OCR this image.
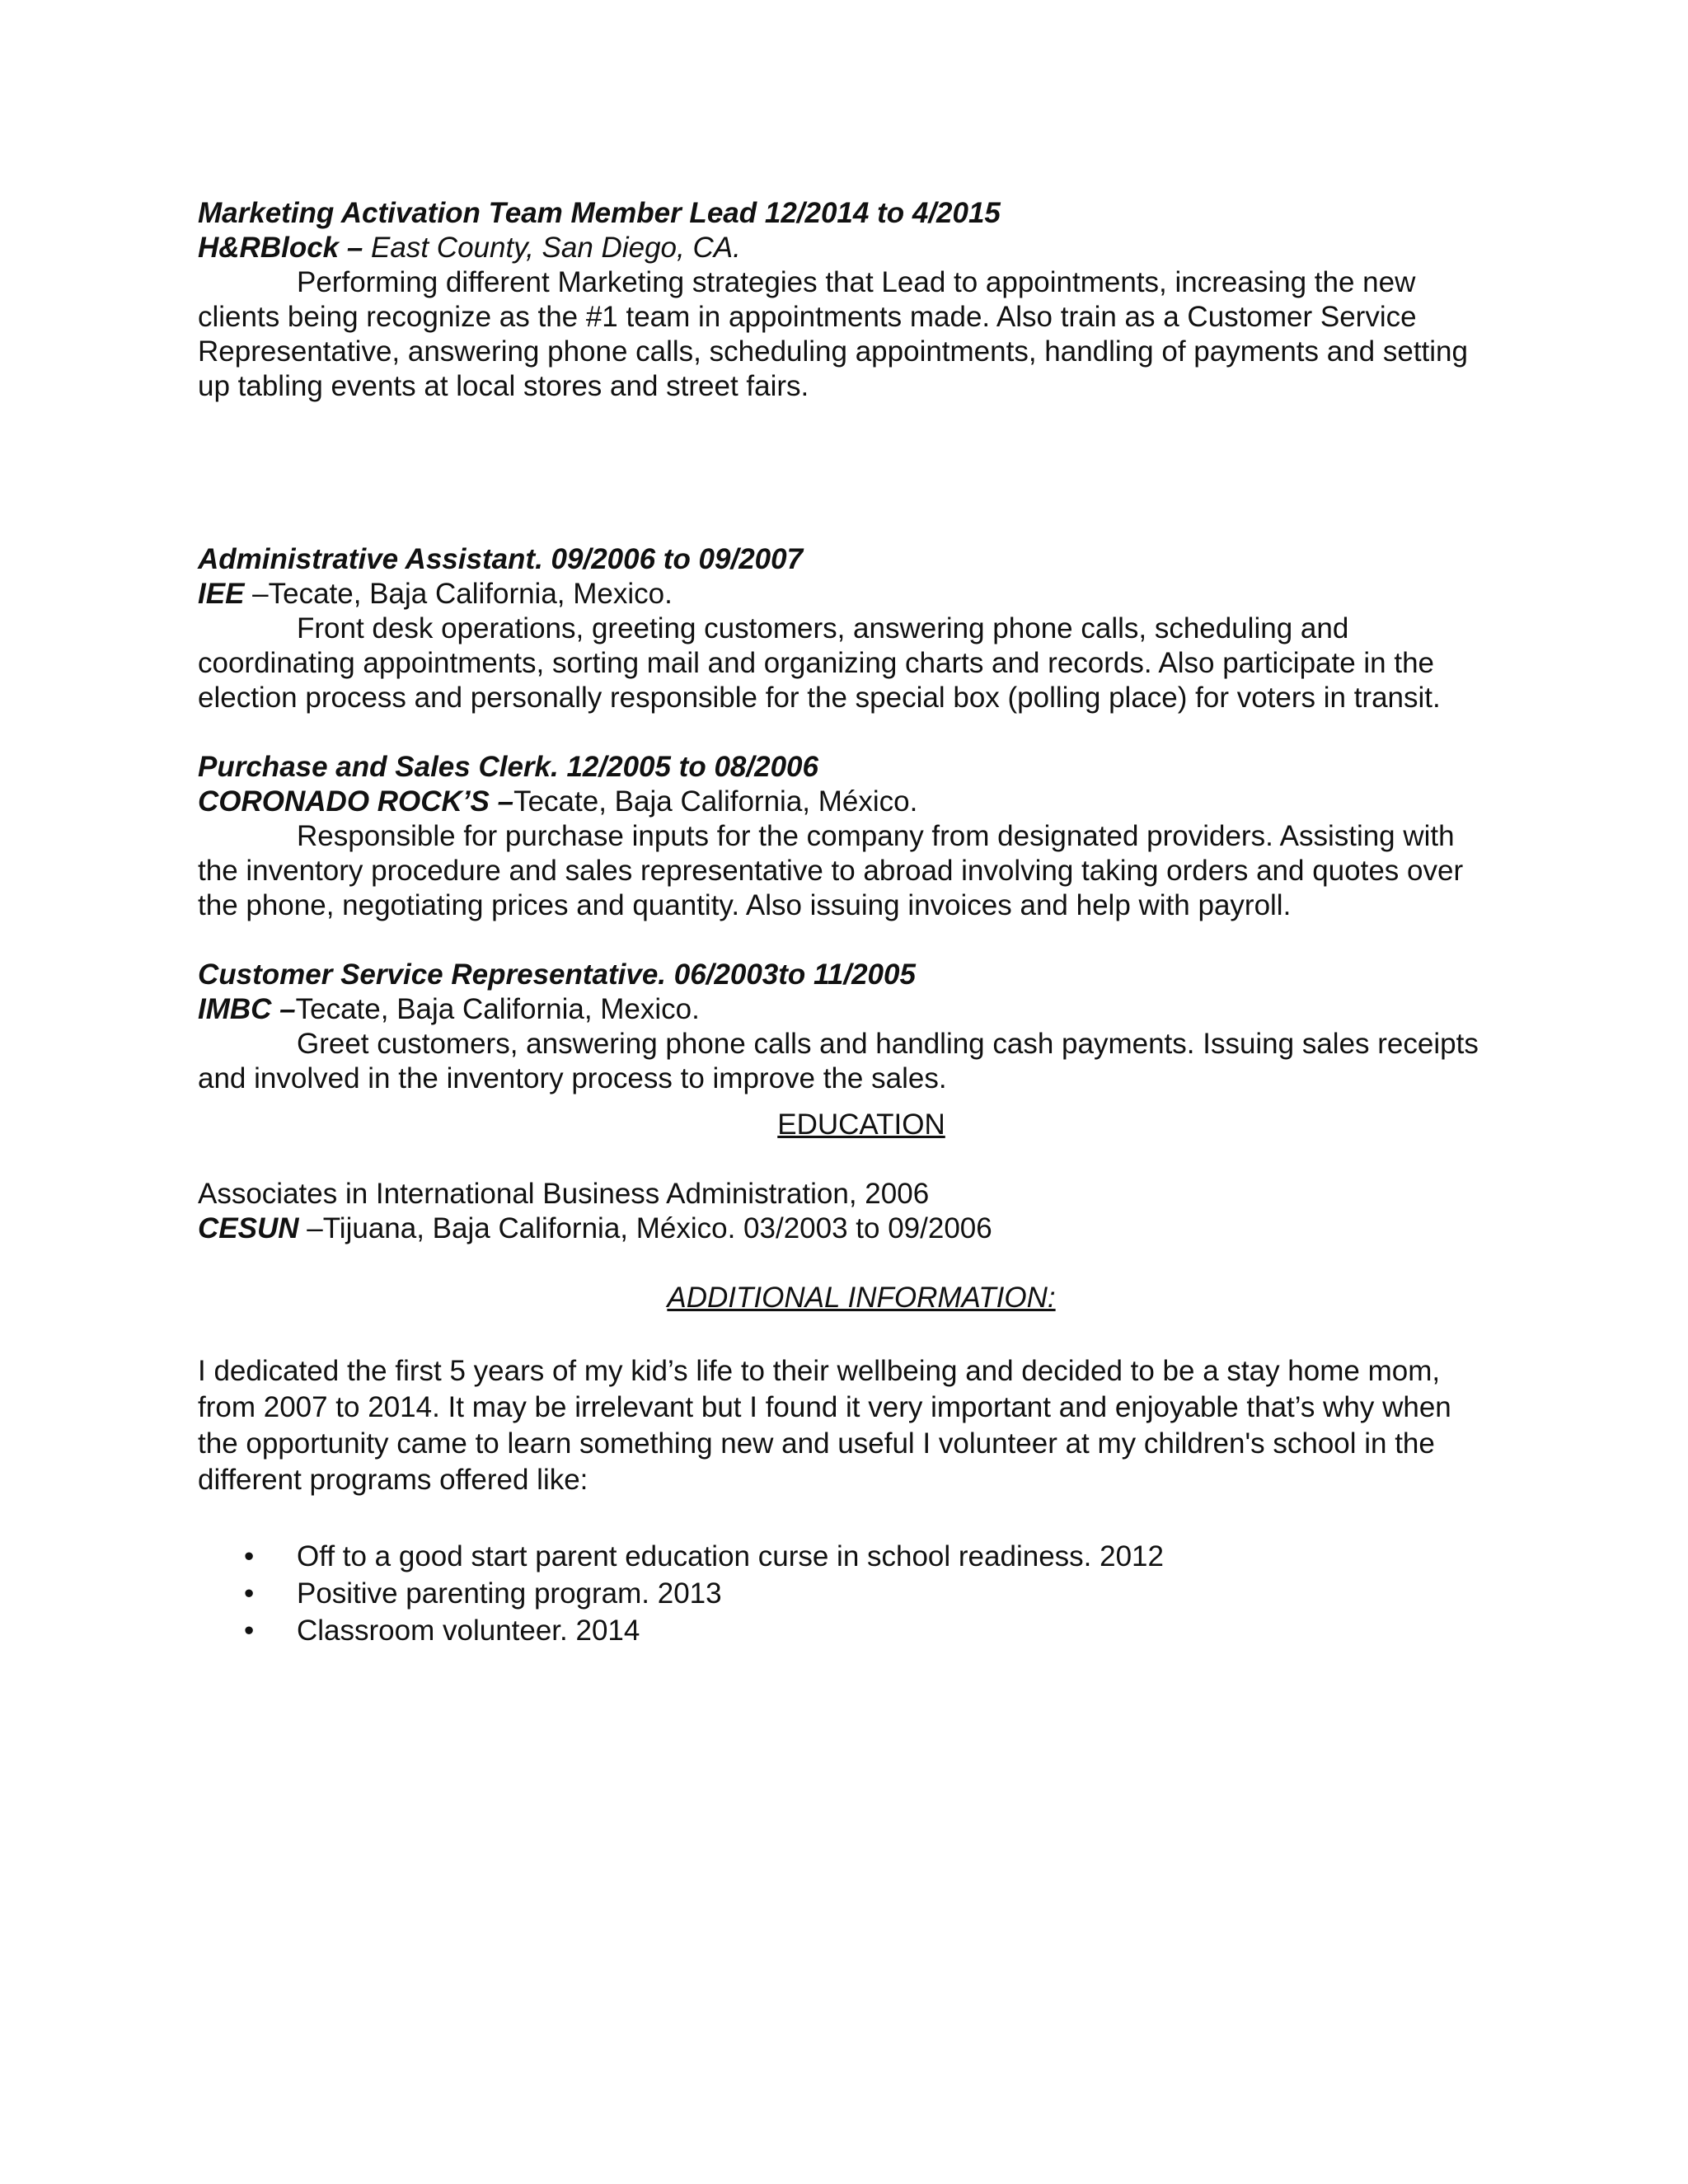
Marketing Activation Team Member Lead 12/2014 to 4/2015
H&RBlock – East County, San Diego, CA.
Performing different Marketing strategies that Lead to appointments, increasing the new clients being recognize as the #1 team in appointments made. Also train as a Customer Service Representative, answering phone calls, scheduling appointments, handling of payments and setting up tabling events at local stores and street fairs.
Administrative Assistant. 09/2006 to 09/2007
IEE –Tecate, Baja California, Mexico.
Front desk operations, greeting customers, answering phone calls, scheduling and coordinating appointments, sorting mail and organizing charts and records. Also participate in the election process and personally responsible for the special box (polling place) for voters in transit.
Purchase and Sales Clerk. 12/2005 to 08/2006
CORONADO ROCK’S –Tecate, Baja California, México.
Responsible for purchase inputs for the company from designated providers. Assisting with the inventory procedure and sales representative to abroad involving taking orders and quotes over the phone, negotiating prices and quantity. Also issuing invoices and help with payroll.
Customer Service Representative. 06/2003to 11/2005
IMBC –Tecate, Baja California, Mexico.
Greet customers, answering phone calls and handling cash payments. Issuing sales receipts and involved in the inventory process to improve the sales.
EDUCATION
Associates in International Business Administration, 2006
CESUN –Tijuana, Baja California, México. 03/2003 to 09/2006
ADDITIONAL INFORMATION:
I dedicated the first 5 years of my kid’s life to their wellbeing and decided to be a stay home mom, from 2007 to 2014. It may be irrelevant but I found it very important and enjoyable that’s why when the opportunity came to learn something new and useful I volunteer at my children's school in the different programs offered like:
• Off to a good start parent education curse in school readiness. 2012
• Positive parenting program. 2013
• Classroom volunteer. 2014
